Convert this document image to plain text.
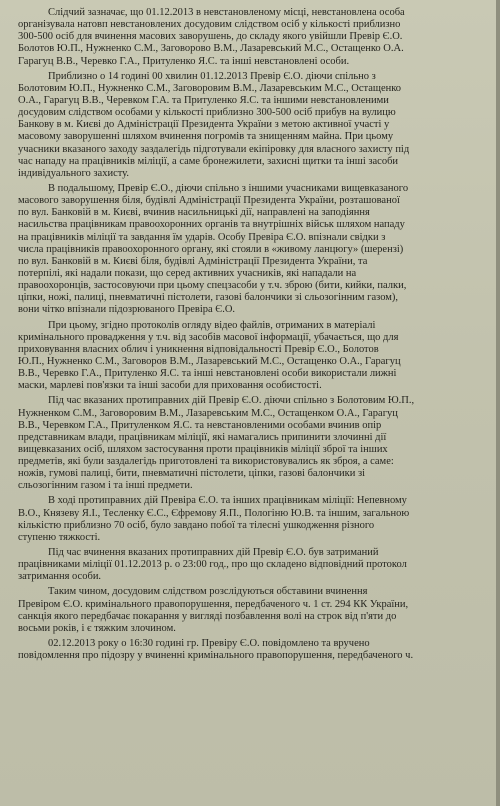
Слідчий зазначає, що 01.12.2013 в невстановленому місці, невстановлена особа
організувала натовп невстановлених досудовим слідством осіб у кількості приблизно
300-500 осіб для вчинення масових заворушень, до складу якого увійшли Превір Є.О.
Болотов Ю.П., Нужненко С.М., Заговорово В.М., Лазаревський М.С., Остащенко О.А.
Гарагуц В.В., Черевко Г.А., Притуленко Я.С. та інші невстановлені особи.
Приблизно о 14 годині 00 хвилин 01.12.2013 Превір Є.О. діючи спільно з
Болотовим Ю.П., Нужненко С.М., Заговоровим В.М., Лазаревським М.С., Остащенко
О.А., Гарагуц В.В., Черевком Г.А. та Притуленко Я.С. та іншими невстановленими
досудовим слідством особами у кількості приблизно 300-500 осіб прибув на вулицю
Банкову в м. Києві до Адміністрації Президента України з метою активної участі у
масовому заворушенні шляхом вчинення погромів та знищенням майна. При цьому
учасники вказаного заходу заздалегідь підготували екіпіровку для власного захисту під
час нападу на працівників міліції, а саме бронежилети, захисні щитки та інші засоби
індивідуального захисту.
В подальшому, Превір Є.О., діючи спільно з іншими учасниками вищевказаного
масового заворушення біля, будівлі Адміністрації Президента України, розташованої
по вул. Банковій в м. Києві, вчинив насильницькі дії, направлені на заподіяння
насильства працівникам правоохоронних органів та внутрішніх військ шляхом нападу
на працівників міліції та завдання їм ударів. Особу Превіра Є.О. впізнали свідки з
числа працівників правоохоронного органу, які стояли в «живому ланцюгу» (шерензі)
по вул. Банковій в м. Києві біля, будівлі Адміністрації Президента України, та
потерпілі, які надали покази, що серед активних учасників, які нападали на
правоохоронців, застосовуючи при цьому спецзасоби у т.ч. зброю (бити, кийки, палки,
ціпки, ножі, палиці, пневматичні пістолети, газові балончики зі сльозогінним газом),
вони чітко впізнали підозрюваного Превіра Є.О.
При цьому, згідно протоколів огляду відео файлів, отриманих в матеріалі
кримінального провадження у т.ч. від засобів масової інформації, убачається, що для
приховування власних облич і уникнення відповідальності Превір Є.О., Болотов
Ю.П., Нужненко С.М., Заговоров В.М., Лазаревський М.С., Остащенко О.А., Гарагуц
В.В., Черевко Г.А., Притуленко Я.С. та інші невстановлені особи використали лижні
маски, марлеві пов'язки та інші засоби для приховання особистості.
Під час вказаних протиправних дій Превір Є.О. діючи спільно з Болотовим Ю.П.,
Нужненком С.М., Заговоровим В.М., Лазаревським М.С., Остащенком О.А., Гарагуц
В.В., Черевком Г.А., Притуленком Я.С. та невстановленими особами вчинив опір
представникам влади, працівникам міліції, які намагались припинити злочинні дії
вищевказаних осіб, шляхом застосування проти працівників міліції зброї та інших
предметів, які були заздалегідь приготовлені та використовувались як зброя, а саме:
ножів, гумові палиці, бити, пневматичні пістолети, ціпки, газові балончики зі
сльозогінним газом і та інші предмети.
В ході протиправних дій Превіра Є.О. та інших працівникам міліції: Непевному
В.О., Князеву Я.І., Тесленку Є.С., Єфремову Я.П., Пологіню Ю.В. та іншим, загальною
кількістю приблизно 70 осіб, було завдано побої та тілесні ушкодження різного
ступеню тяжкості.
Під час вчинення вказаних протиправних дій Превір Є.О. був затриманий
працівниками міліції 01.12.2013 р. о 23:00 год., про що складено відповідний протокол
затримання особи.
Таким чином, досудовим слідством розслідуються обставини вчинення
Превіром Є.О. кримінального правопорушення, передбаченого ч. 1 ст. 294 КК України,
санкція якого передбачає покарання у вигляді позбавлення волі на строк від п'яти до
восьми років, і є тяжким злочином.
02.12.2013 року о 16:30 годині гр. Превіру Є.О. повідомлено та вручено
повідомлення про підозру у вчиненні кримінального правопорушення, передбаченого ч.
